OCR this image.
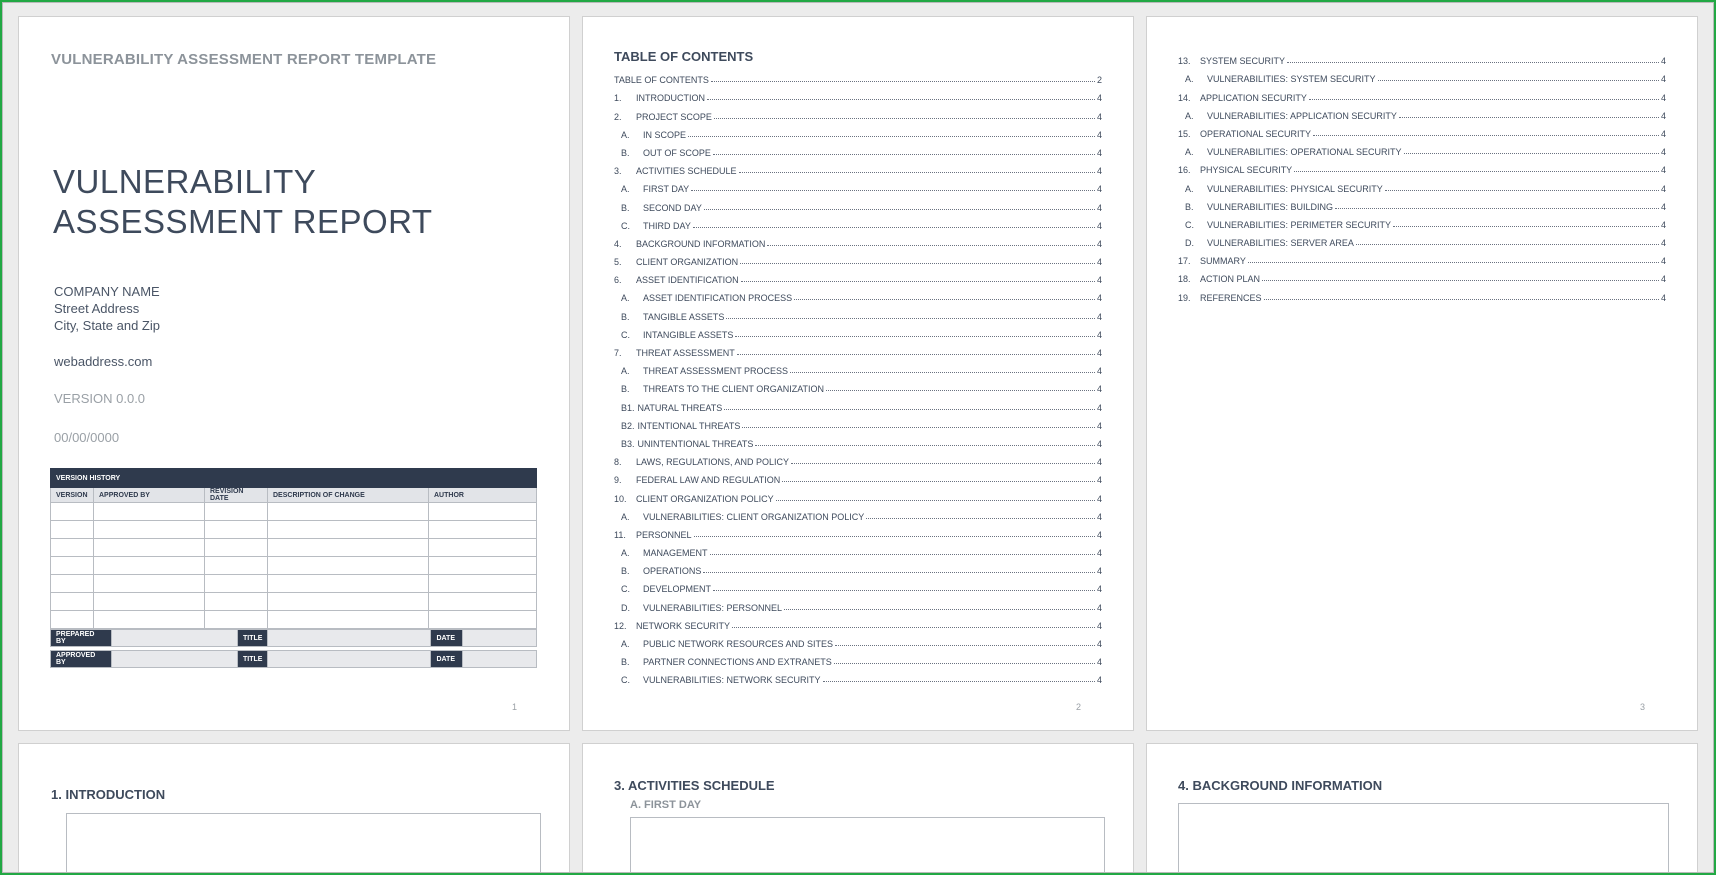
VULNERABILITY ASSESSMENT REPORT TEMPLATE
VULNERABILITY
ASSESSMENT REPORT
COMPANY NAME
Street Address
City, State and Zip
webaddress.com
VERSION 0.0.0
00/00/0000
VERSION HISTORY				
VERSION	APPROVED BY	REVISION DATE	DESCRIPTION OF CHANGE	AUTHOR

PREPARED BY		TITLE		DATE	
APPROVED BY		TITLE		DATE	
1
TABLE OF CONTENTS
TABLE OF CONTENTS	2
1. INTRODUCTION	4
2. PROJECT SCOPE	4
A. IN SCOPE	4
B. OUT OF SCOPE	4
3. ACTIVITIES SCHEDULE	4
A. FIRST DAY	4
B. SECOND DAY	4
C. THIRD DAY	4
4. BACKGROUND INFORMATION	4
5. CLIENT ORGANIZATION	4
6. ASSET IDENTIFICATION	4
A. ASSET IDENTIFICATION PROCESS	4
B. TANGIBLE ASSETS	4
C. INTANGIBLE ASSETS	4
7. THREAT ASSESSMENT	4
A. THREAT ASSESSMENT PROCESS	4
B. THREATS TO THE CLIENT ORGANIZATION	4
B1. NATURAL THREATS	4
B2. INTENTIONAL THREATS	4
B3. UNINTENTIONAL THREATS	4
8. LAWS, REGULATIONS, AND POLICY	4
9. FEDERAL LAW AND REGULATION	4
10. CLIENT ORGANIZATION POLICY	4
A. VULNERABILITIES: CLIENT ORGANIZATION POLICY	4
11. PERSONNEL	4
A. MANAGEMENT	4
B. OPERATIONS	4
C. DEVELOPMENT	4
D. VULNERABILITIES: PERSONNEL	4
12. NETWORK SECURITY	4
A. PUBLIC NETWORK RESOURCES AND SITES	4
B. PARTNER CONNECTIONS AND EXTRANETS	4
C. VULNERABILITIES: NETWORK SECURITY	4
2
13. SYSTEM SECURITY	4
A. VULNERABILITIES: SYSTEM SECURITY	4
14. APPLICATION SECURITY	4
A. VULNERABILITIES: APPLICATION SECURITY	4
15. OPERATIONAL SECURITY	4
A. VULNERABILITIES: OPERATIONAL SECURITY	4
16. PHYSICAL SECURITY	4
A. VULNERABILITIES: PHYSICAL SECURITY	4
B. VULNERABILITIES: BUILDING	4
C. VULNERABILITIES: PERIMETER SECURITY	4
D. VULNERABILITIES: SERVER AREA	4
17. SUMMARY	4
18. ACTION PLAN	4
19. REFERENCES	4
3
1. INTRODUCTION
3. ACTIVITIES SCHEDULE
A. FIRST DAY
4. BACKGROUND INFORMATION
